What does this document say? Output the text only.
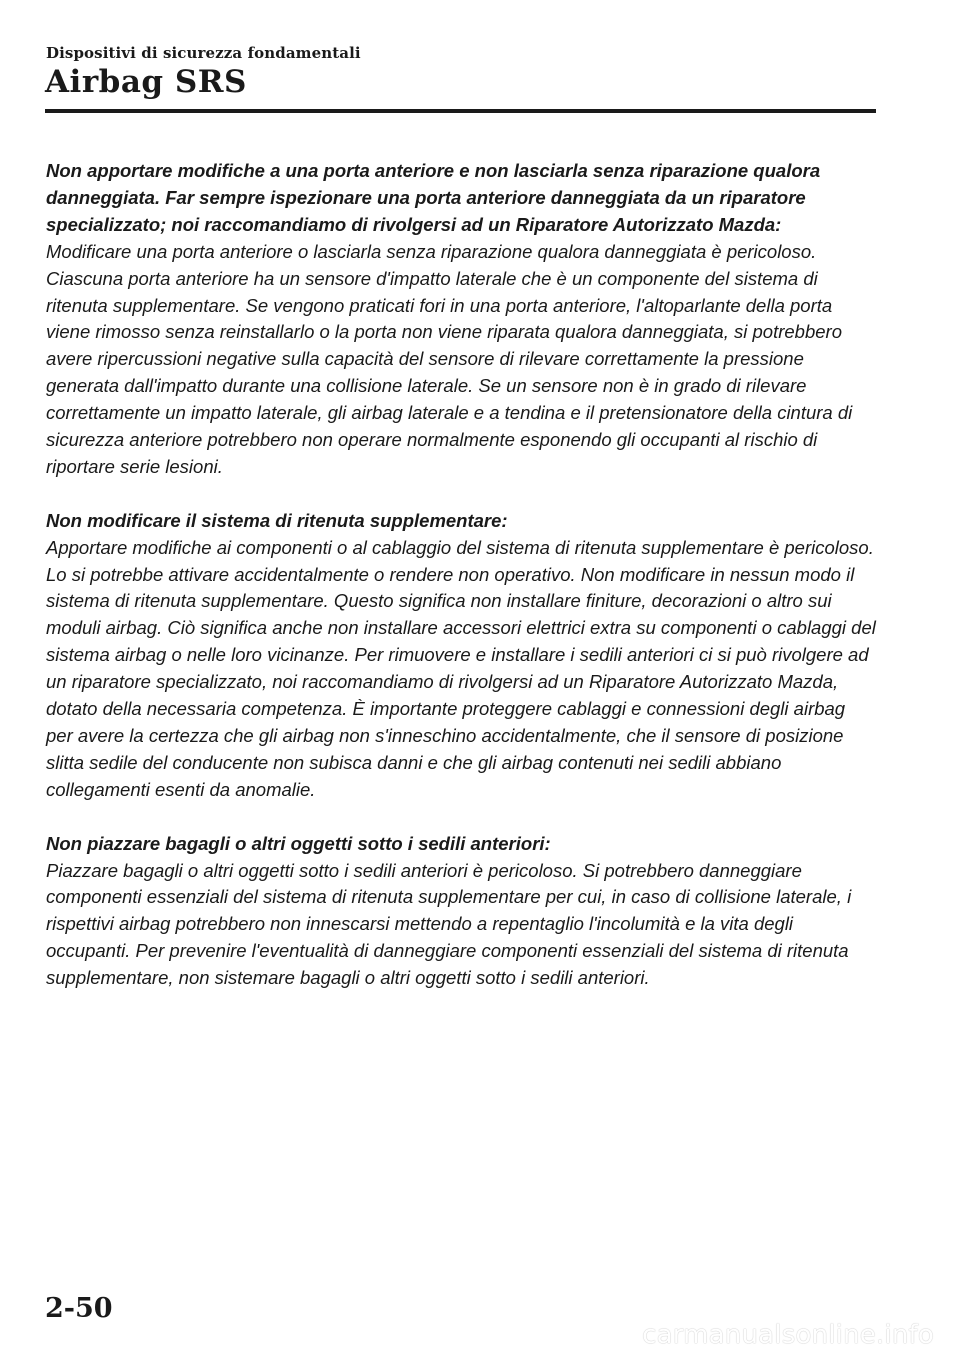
Dispositivi di sicurezza fondamentali
Airbag SRS

Non apportare modifiche a una porta anteriore e non lasciarla senza riparazione qualora danneggiata. Far sempre ispezionare una porta anteriore danneggiata da un riparatore specializzato; noi raccomandiamo di rivolgersi ad un Riparatore Autorizzato Mazda:

Modificare una porta anteriore o lasciarla senza riparazione qualora danneggiata è pericoloso. Ciascuna porta anteriore ha un sensore d'impatto laterale che è un componente del sistema di ritenuta supplementare. Se vengono praticati fori in una porta anteriore, l'altoparlante della porta viene rimosso senza reinstallarlo o la porta non viene riparata qualora danneggiata, si potrebbero avere ripercussioni negative sulla capacità del sensore di rilevare correttamente la pressione generata dall'impatto durante una collisione laterale. Se un sensore non è in grado di rilevare correttamente un impatto laterale, gli airbag laterale e a tendina e il pretensionatore della cintura di sicurezza anteriore potrebbero non operare normalmente esponendo gli occupanti al rischio di riportare serie lesioni.

Non modificare il sistema di ritenuta supplementare:

Apportare modifiche ai componenti o al cablaggio del sistema di ritenuta supplementare è pericoloso. Lo si potrebbe attivare accidentalmente o rendere non operativo. Non modificare in nessun modo il sistema di ritenuta supplementare. Questo significa non installare finiture, decorazioni o altro sui moduli airbag. Ciò significa anche non installare accessori elettrici extra su componenti o cablaggi del sistema airbag o nelle loro vicinanze. Per rimuovere e installare i sedili anteriori ci si può rivolgere ad un riparatore specializzato, noi raccomandiamo di rivolgersi ad un Riparatore Autorizzato Mazda, dotato della necessaria competenza. È importante proteggere cablaggi e connessioni degli airbag per avere la certezza che gli airbag non s'inneschino accidentalmente, che il sensore di posizione slitta sedile del conducente non subisca danni e che gli airbag contenuti nei sedili abbiano collegamenti esenti da anomalie.

Non piazzare bagagli o altri oggetti sotto i sedili anteriori:

Piazzare bagagli o altri oggetti sotto i sedili anteriori è pericoloso. Si potrebbero danneggiare componenti essenziali del sistema di ritenuta supplementare per cui, in caso di collisione laterale, i rispettivi airbag potrebbero non innescarsi mettendo a repentaglio l'incolumità e la vita degli occupanti. Per prevenire l'eventualità di danneggiare componenti essenziali del sistema di ritenuta supplementare, non sistemare bagagli o altri oggetti sotto i sedili anteriori.

2-50
carmanualsonline.info
